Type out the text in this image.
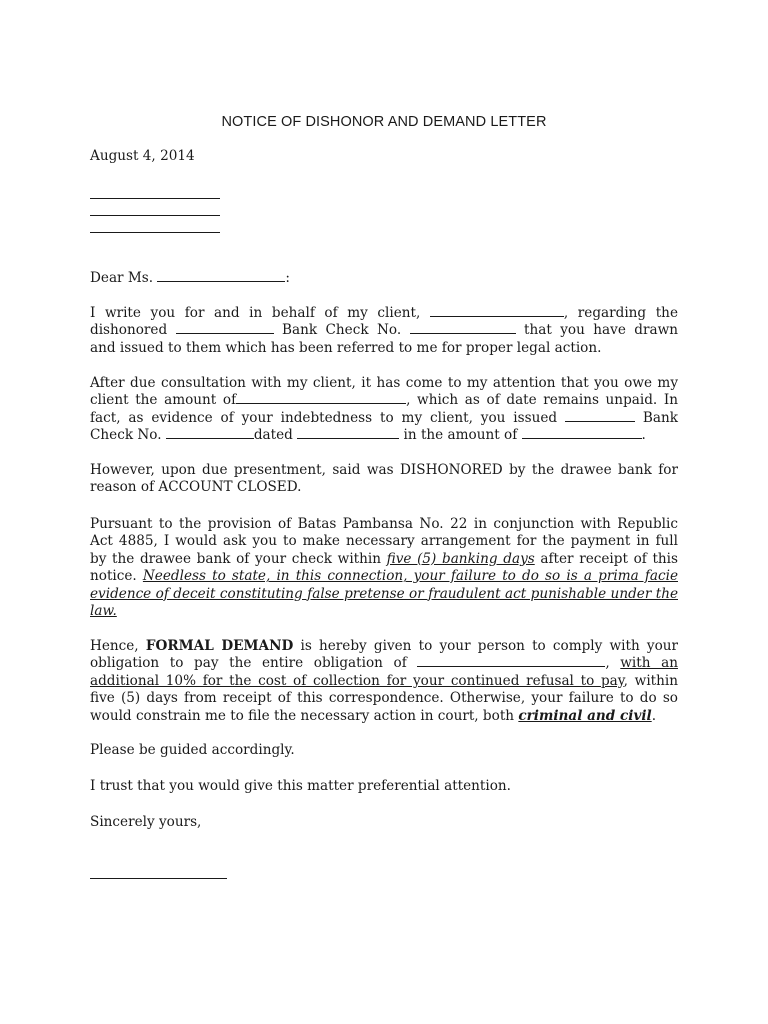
NOTICE OF DISHONOR AND DEMAND LETTER
August 4, 2014
Dear Ms.	:
I write you for and in behalf of my client,	, regarding the
dishonored	Bank Check No.	that you have drawn
and issued to them which has been referred to me for proper legal action.
After due consultation with my client, it has come to my attention that you owe my
client the amount of	, which as of date remains unpaid. In
fact, as evidence of your indebtedness to my client, you issued	Bank
Check No.	dated	in the amount of	.
However, upon due presentment, said was DISHONORED by the drawee bank for
reason of ACCOUNT CLOSED.
Pursuant to the provision of Batas Pambansa No. 22 in conjunction with Republic
Act 4885, I would ask you to make necessary arrangement for the payment in full
by the drawee bank of your check within five (5) banking days after receipt of this
notice. Needless to state, in this connection, your failure to do so is a prima facie
evidence of deceit constituting false pretense or fraudulent act punishable under the
law.
Hence, FORMAL DEMAND is hereby given to your person to comply with your
obligation to pay the entire obligation of	, with an
additional 10% for the cost of collection for your continued refusal to pay, within
five (5) days from receipt of this correspondence. Otherwise, your failure to do so
would constrain me to file the necessary action in court, both criminal and civil.
Please be guided accordingly.
I trust that you would give this matter preferential attention.
Sincerely yours,
